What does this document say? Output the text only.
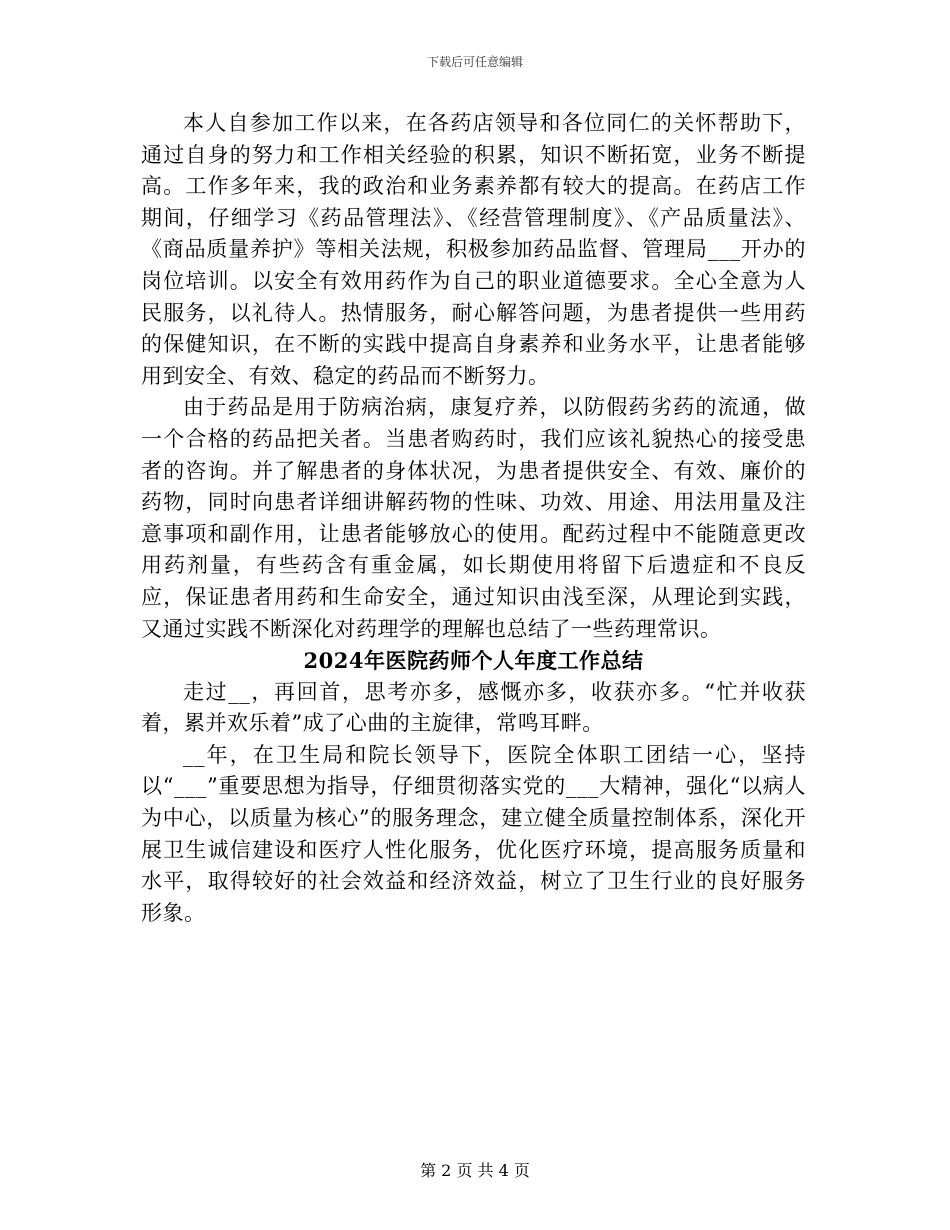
下载后可任意编辑

本人自参加工作以来，在各药店领导和各位同仁的关怀帮助下，通过自身的努力和工作相关经验的积累，知识不断拓宽，业务不断提高。工作多年来，我的政治和业务素养都有较大的提高。在药店工作期间，仔细学习《药品管理法》、《经营管理制度》、《产品质量法》、《商品质量养护》等相关法规，积极参加药品监督、管理局___开办的岗位培训。以安全有效用药作为自己的职业道德要求。全心全意为人民服务，以礼待人。热情服务，耐心解答问题，为患者提供一些用药的保健知识，在不断的实践中提高自身素养和业务水平，让患者能够用到安全、有效、稳定的药品而不断努力。

由于药品是用于防病治病，康复疗养，以防假药劣药的流通，做一个合格的药品把关者。当患者购药时，我们应该礼貌热心的接受患者的咨询。并了解患者的身体状况，为患者提供安全、有效、廉价的药物，同时向患者详细讲解药物的性味、功效、用途、用法用量及注意事项和副作用，让患者能够放心的使用。配药过程中不能随意更改用药剂量，有些药含有重金属，如长期使用将留下后遗症和不良反应，保证患者用药和生命安全，通过知识由浅至深，从理论到实践，又通过实践不断深化对药理学的理解也总结了一些药理常识。

2024年医院药师个人年度工作总结

走过__，再回首，思考亦多，感慨亦多，收获亦多。“忙并收获着，累并欢乐着”成了心曲的主旋律，常鸣耳畔。

__年，在卫生局和院长领导下，医院全体职工团结一心，坚持以“___”重要思想为指导，仔细贯彻落实党的___大精神，强化“以病人为中心，以质量为核心”的服务理念，建立健全质量控制体系，深化开展卫生诚信建设和医疗人性化服务，优化医疗环境，提高服务质量和水平，取得较好的社会效益和经济效益，树立了卫生行业的良好服务形象。

第 2 页 共 4 页
